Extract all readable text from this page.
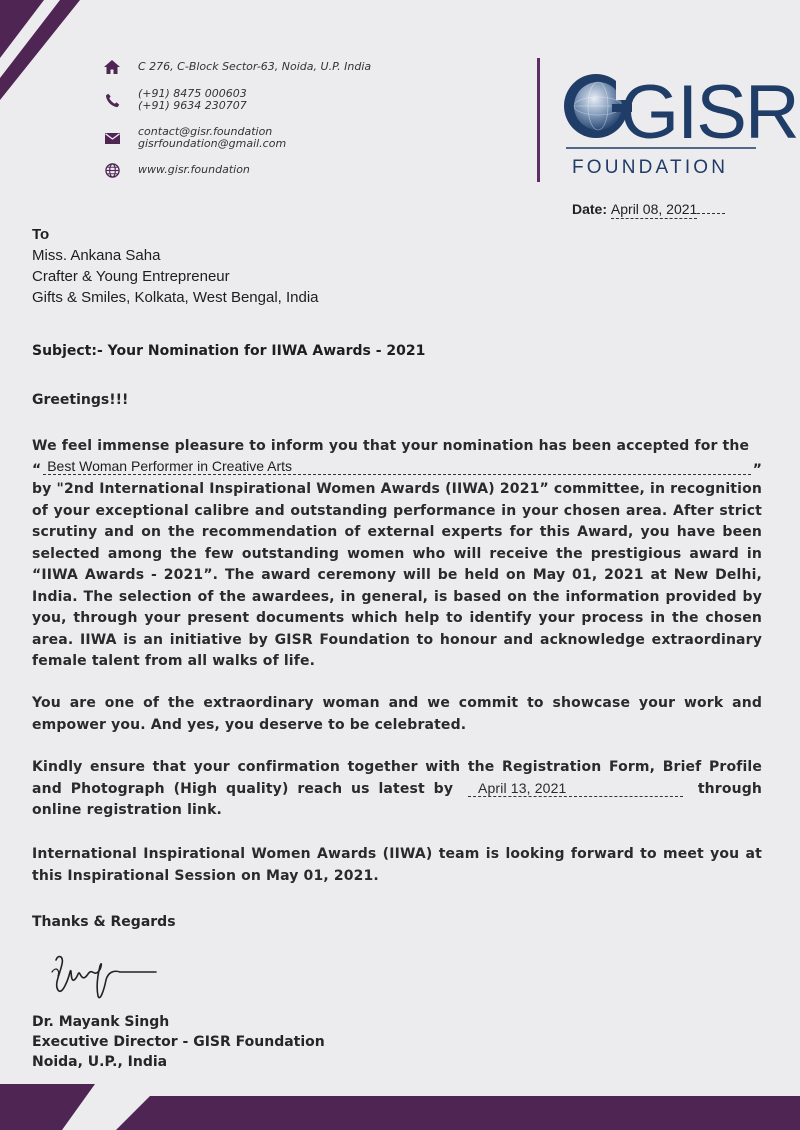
C 276, C-Block Sector-63, Noida, U.P. India
(+91) 8475 000603
(+91) 9634 230707
contact@gisr.foundation
gisrfoundation@gmail.com
www.gisr.foundation
GISR
FOUNDATION
Date: April 08, 2021
To
Miss. Ankana Saha
Crafter & Young Entrepreneur
Gifts & Smiles, Kolkata, West Bengal, India
Subject:- Your Nomination for IIWA Awards - 2021
Greetings!!!
We feel immense pleasure to inform you that your nomination has been accepted for the
“ Best Woman Performer in Creative Arts	”
by "2nd International Inspirational Women Awards (IIWA) 2021” committee, in recognition of your exceptional calibre and outstanding performance in your chosen area. After strict scrutiny and on the recommendation of external experts for this Award, you have been selected among the few outstanding women who will receive the prestigious award in “IIWA Awards - 2021”. The award ceremony will be held on May 01, 2021 at New Delhi, India. The selection of the awardees, in general, is based on the information provided by you, through your present documents which help to identify your process in the chosen area. IIWA is an initiative by GISR Foundation to honour and acknowledge extraordinary female talent from all walks of life.
You are one of the extraordinary woman and we commit to showcase your work and empower you. And yes, you deserve to be celebrated.
Kindly ensure that your confirmation together with the Registration Form, Brief Profile and Photograph (High quality) reach us latest by April 13, 2021	through online registration link.
International Inspirational Women Awards (IIWA) team is looking forward to meet you at this Inspirational Session on May 01, 2021.
Thanks & Regards
Dr. Mayank Singh
Executive Director - GISR Foundation
Noida, U.P., India
